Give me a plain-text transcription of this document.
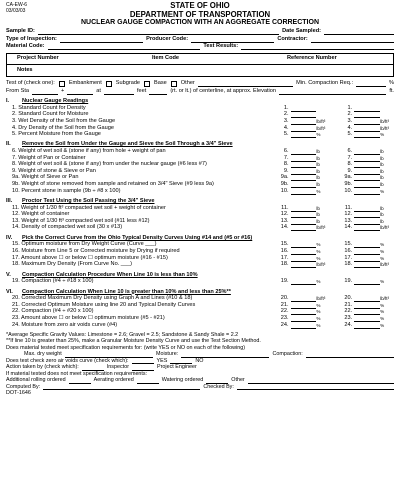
CA-EW-6
03/03/03
STATE OF OHIO
DEPARTMENT OF TRANSPORTATION
NUCLEAR GAUGE COMPACTION WITH AN AGGREGATE CORRECTION
Sample ID:	Date Sampled:
Type of Inspection:	Producer Code:	Contractor:
Material Code:	Test Results:
Project Number	Item Code	Reference Number
Notes
Test of (check one):	Embankment	Subgrade	Base	Other	Min. Compaction Req.:	%
From Sta	+	at	feet	(rt. or lt.) of centerline, at approx. Elevation	ft.
I.	Nuclear Gauge Readings
1. Standard Count for Density	1.	1.
2. Standard Count for Moisture	2.	2.
3. Wet Density of the Soil from the Gauge	3.	lb/ft³	3.	lb/ft³
4. Dry Density of the Soil from the Gauge	4.	lb/ft³	4.	lb/ft³
5. Percent Moisture from the Gauge	5.	%	5.	%
II.	Remove the Soil from Under the Gauge and Sieve the Soil Through a 3/4" Sieve
6. Weight of wet soil & (stone if any) from hole + weight of pan	6.	lb	6.	lb
7. Weight of Pan or Container	7.	lb	7.	lb
8. Weight of wet soil & (stone if any) from under the nuclear gauge (#6 less #7)	8.	lb	8.	lb
9. Weight of stone & Sieve or Pan	9.	lb	9.	lb
9a. Weight of Sieve or Pan	9a.	lb	9a.	lb
9b. Weight of stone removed from sample and retained on 3/4" Sieve (#9 less 9a)	9b.	lb	9b.	lb
10. Percent stone in sample (9b ÷ #8 x 100)	10.	%	10.	%
III.	Proctor Test Using the Soil Passing the 3/4" Sieve
11. Weight of 1/30 ft³ compacted wet soil + weight of container	11.	lb	11.	lb
12. Weight of container	12.	lb	12.	lb
13. Weight of 1/30 ft³ compacted wet soil (#11 less #12)	13.	lb	13.	lb
14. Density of compacted wet soil (30 x #13)	14.	lb/ft³	14.	lb/ft³
IV.	Pick the Correct Curve from the Ohio Typical Density Curves Using #14 and (#5 or #16)
15. Optimum moisture from Dry Weight Curve (Curve ___)	15.	%	15.	%
16. Moisture from Line 5 or Corrected moisture by Drying if required	16.	%	16.	%
17. Amount above ☐ or below ☐ optimum moisture (#16 - #15)	17.	%	17.	%
18. Maximum Dry Density (From Curve No. ___)	18.	lb/ft³	18.	lb/ft³
V.	Compaction Calculation Procedure When Line 10 is less than 10%
19. Compaction (#4 ÷ #18 x 100)	19.	%	19.	%
VI.	Compaction Calculation When Line 10 is greater than 10% and less than 25%**
20. Corrected Maximum Dry Density using Graph A and Lines (#10 & 18)	20.	lb/ft³	20.	lb/ft³
21. Corrected Optimum Moisture using line 20 and Typical Density Curves	21.	%	21.	%
22. Compaction (#4 ÷ #20 x 100)	22.	%	22.	%
23. Amount above ☐ or below ☐ optimum moisture (#5 - #21)	23.	%	23.	%
24. Moisture from zero air voids curve (#4)	24.	%	24.	%
*Average Specific Gravity Values: Limestone = 2.6; Gravel = 2.5; Sandstone & Sandy Shale = 2.2
**If line 10 is greater than 25%, make a Granular Moisture Density Curve and use the Test Section Method.
Does material tested meet specification requirements for: (write YES or NO on each of the following)
Max. dry weight	Moisture:	Compaction:
Does test check zero air voids curve (check which):	YES	NO
Action taken by (check which):	Inspector	Project Engineer
If material tested does not meet specification requirements:
Additional rolling ordered	Aerating ordered	Watering ordered	Other
Computed By:	Checked By:
DOT-1646
